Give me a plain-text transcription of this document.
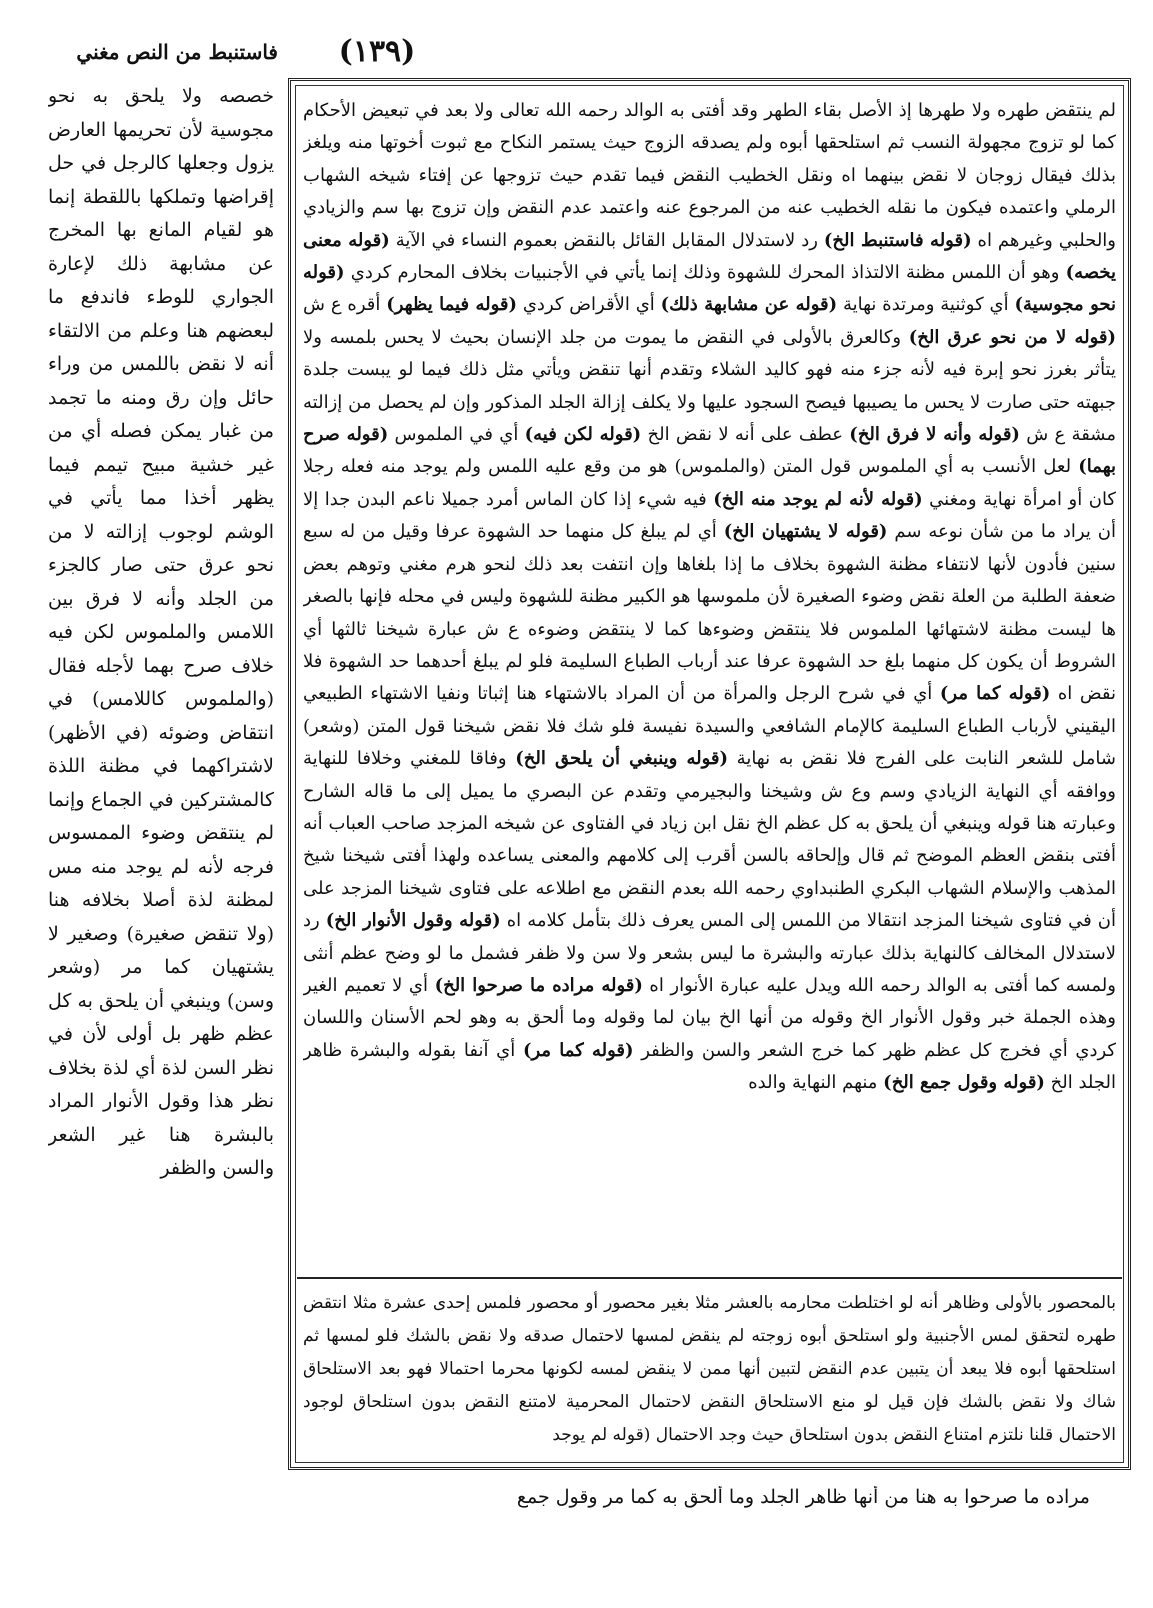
(١٣٩)
فاستنبط من النص مغني

لم ينتقض طهره ولا طهرها إذ الأصل بقاء الطهر وقد أفتى به الوالد رحمه الله تعالى ولا بعد في تبعيض الأحكام كما لو تزوج مجهولة النسب ثم استلحقها أبوه ولم يصدقه الزوج حيث يستمر النكاح مع ثبوت أخوتها منه ويلغز بذلك فيقال زوجان لا نقض بينهما اه ونقل الخطيب النقض فيما تقدم حيث تزوجها عن إفتاء شيخه الشهاب الرملي واعتمده فيكون ما نقله الخطيب عنه من المرجوع عنه واعتمد عدم النقض وإن تزوج بها سم والزيادي والحلبي وغيرهم اه (قوله فاستنبط الخ) رد لاستدلال المقابل القائل بالنقض بعموم النساء في الآية (قوله معنى يخصه) وهو أن اللمس مظنة الالتذاذ المحرك للشهوة وذلك إنما يأتي في الأجنبيات بخلاف المحارم كردي (قوله نحو مجوسية) أي كوثنية ومرتدة نهاية (قوله عن مشابهة ذلك) أي الأقراض كردي (قوله فيما يظهر) أقره ع ش (قوله لا من نحو عرق الخ) وكالعرق بالأولى في النقض ما يموت من جلد الإنسان بحيث لا يحس بلمسه ولا يتأثر بغرز نحو إبرة فيه لأنه جزء منه فهو كاليد الشلاء وتقدم أنها تنقض ويأتي مثل ذلك فيما لو يبست جلدة جبهته حتى صارت لا يحس ما يصيبها فيصح السجود عليها ولا يكلف إزالة الجلد المذكور وإن لم يحصل من إزالته مشقة ع ش (قوله وأنه لا فرق الخ) عطف على أنه لا نقض الخ (قوله لكن فيه) أي في الملموس (قوله صرح بهما) لعل الأنسب به أي الملموس قول المتن (والملموس) هو من وقع عليه اللمس ولم يوجد منه فعله رجلا كان أو امرأة نهاية ومغني (قوله لأنه لم يوجد منه الخ) فيه شيء إذا كان الماس أمرد جميلا ناعم البدن جدا إلا أن يراد ما من شأن نوعه سم (قوله لا يشتهيان الخ) أي لم يبلغ كل منهما حد الشهوة عرفا وقيل من له سبع سنين فأدون لأنها لانتفاء مظنة الشهوة بخلاف ما إذا بلغاها وإن انتفت بعد ذلك لنحو هرم مغني وتوهم بعض ضعفة الطلبة من العلة نقض وضوء الصغيرة لأن ملموسها هو الكبير مظنة للشهوة وليس في محله فإنها بالصغر ها ليست مظنة لاشتهائها الملموس فلا ينتقض وضوءها كما لا ينتقض وضوءه ع ش عبارة شيخنا ثالثها أي الشروط أن يكون كل منهما بلغ حد الشهوة عرفا عند أرباب الطباع السليمة فلو لم يبلغ أحدهما حد الشهوة فلا نقض اه (قوله كما مر) أي في شرح الرجل والمرأة من أن المراد بالاشتهاء هنا إثباتا ونفيا الاشتهاء الطبيعي اليقيني لأرباب الطباع السليمة كالإمام الشافعي والسيدة نفيسة فلو شك فلا نقض شيخنا قول المتن (وشعر) شامل للشعر النابت على الفرج فلا نقض به نهاية (قوله وينبغي أن يلحق الخ) وفاقا للمغني وخلافا للنهاية ووافقه أي النهاية الزيادي وسم وع ش وشيخنا والبجيرمي وتقدم عن البصري ما يميل إلى ما قاله الشارح وعبارته هنا قوله وينبغي أن يلحق به كل عظم الخ نقل ابن زياد في الفتاوى عن شيخه المزجد صاحب العباب أنه أفتى بنقض العظم الموضح ثم قال وإلحاقه بالسن أقرب إلى كلامهم والمعنى يساعده ولهذا أفتى شيخنا شيخ المذهب والإسلام الشهاب البكري الطنبداوي رحمه الله بعدم النقض مع اطلاعه على فتاوى شيخنا المزجد على أن في فتاوى شيخنا المزجد انتقالا من اللمس إلى المس يعرف ذلك بتأمل كلامه اه (قوله وقول الأنوار الخ) رد لاستدلال المخالف كالنهاية بذلك عبارته والبشرة ما ليس بشعر ولا سن ولا ظفر فشمل ما لو وضح عظم أنثى ولمسه كما أفتى به الوالد رحمه الله ويدل عليه عبارة الأنوار اه (قوله مراده ما صرحوا الخ) أي لا تعميم الغير وهذه الجملة خبر وقول الأنوار الخ وقوله من أنها الخ بيان لما وقوله وما ألحق به وهو لحم الأسنان واللسان كردي أي فخرج كل عظم ظهر كما خرج الشعر والسن والظفر (قوله كما مر) أي آنفا بقوله والبشرة ظاهر الجلد الخ (قوله وقول جمع الخ) منهم النهاية والده

بالمحصور بالأولى وظاهر أنه لو اختلطت محارمه بالعشر مثلا بغير محصور أو محصور فلمس إحدى عشرة مثلا انتقض طهره لتحقق لمس الأجنبية ولو استلحق أبوه زوجته لم ينقض لمسها لاحتمال صدقه ولا نقض بالشك فلو لمسها ثم استلحقها أبوه فلا يبعد أن يتبين عدم النقض لتبين أنها ممن لا ينقض لمسه لكونها محرما احتمالا فهو بعد الاستلحاق شاك ولا نقض بالشك فإن قيل لو منع الاستلحاق النقض لاحتمال المحرمية لامتنع النقض بدون استلحاق لوجود الاحتمال قلنا نلتزم امتناع النقض بدون استلحاق حيث وجد الاحتمال (قوله لم يوجد
خصصه ولا يلحق به نحو مجوسية لأن تحريمها العارض يزول وجعلها كالرجل في حل إقراضها وتملكها باللقطة إنما هو لقيام المانع بها المخرج عن مشابهة ذلك لإعارة الجواري للوطء فاندفع ما لبعضهم هنا وعلم من الالتقاء أنه لا نقض باللمس من وراء حائل وإن رق ومنه ما تجمد من غبار يمكن فصله أي من غير خشية مبيح تيمم فيما يظهر أخذا مما يأتي في الوشم لوجوب إزالته لا من نحو عرق حتى صار كالجزء من الجلد وأنه لا فرق بين اللامس والملموس لكن فيه خلاف صرح بهما لأجله فقال (والملموس كاللامس) في انتقاض وضوئه (في الأظهر) لاشتراكهما في مظنة اللذة كالمشتركين في الجماع وإنما لم ينتقض وضوء الممسوس فرجه لأنه لم يوجد منه مس لمظنة لذة أصلا بخلافه هنا (ولا تنقض صغيرة) وصغير لا يشتهيان كما مر (وشعر وسن) وينبغي أن يلحق به كل عظم ظهر بل أولى لأن في نظر السن لذة أي لذة بخلاف نظر هذا وقول الأنوار المراد بالبشرة هنا غير الشعر والسن والظفر
مراده ما صرحوا به هنا من أنها ظاهر الجلد وما ألحق به كما مر وقول جمع
